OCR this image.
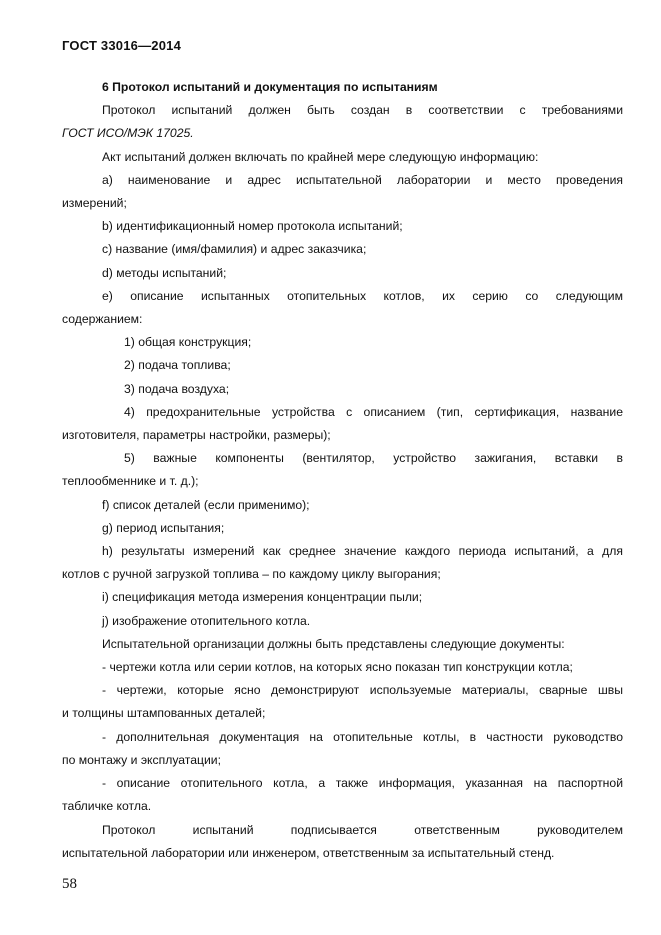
ГОСТ 33016—2014

6 Протокол испытаний и документация по испытаниям

Протокол испытаний должен быть создан в соответствии с требованиями

ГОСТ ИСО/МЭК 17025.

Акт испытаний должен включать по крайней мере следующую информацию:

a) наименование и адрес испытательной лаборатории и место проведения

измерений;

b) идентификационный номер протокола испытаний;

c) название (имя/фамилия) и адрес заказчика;

d) методы испытаний;

e) описание испытанных отопительных котлов, их серию со следующим

содержанием:

1) общая конструкция;

2) подача топлива;

3) подача воздуха;

4) предохранительные устройства с описанием (тип, сертификация, название

изготовителя, параметры настройки, размеры);

5) важные компоненты (вентилятор, устройство зажигания, вставки в

теплообменнике и т. д.);

f) список деталей (если применимо);

g) период испытания;

h) результаты измерений как среднее значение каждого периода испытаний, а для

котлов с ручной загрузкой топлива – по каждому циклу выгорания;

i) спецификация метода измерения концентрации пыли;

j) изображение отопительного котла.

Испытательной организации должны быть представлены следующие документы:

- чертежи котла или серии котлов, на которых ясно показан тип конструкции котла;

- чертежи, которые ясно демонстрируют используемые материалы, сварные швы

и толщины штампованных деталей;

- дополнительная документация на отопительные котлы, в частности руководство

по монтажу и эксплуатации;

- описание отопительного котла, а также информация, указанная на паспортной

табличке котла.

Протокол испытаний подписывается ответственным руководителем

испытательной лаборатории или инженером, ответственным за испытательный стенд.

58
